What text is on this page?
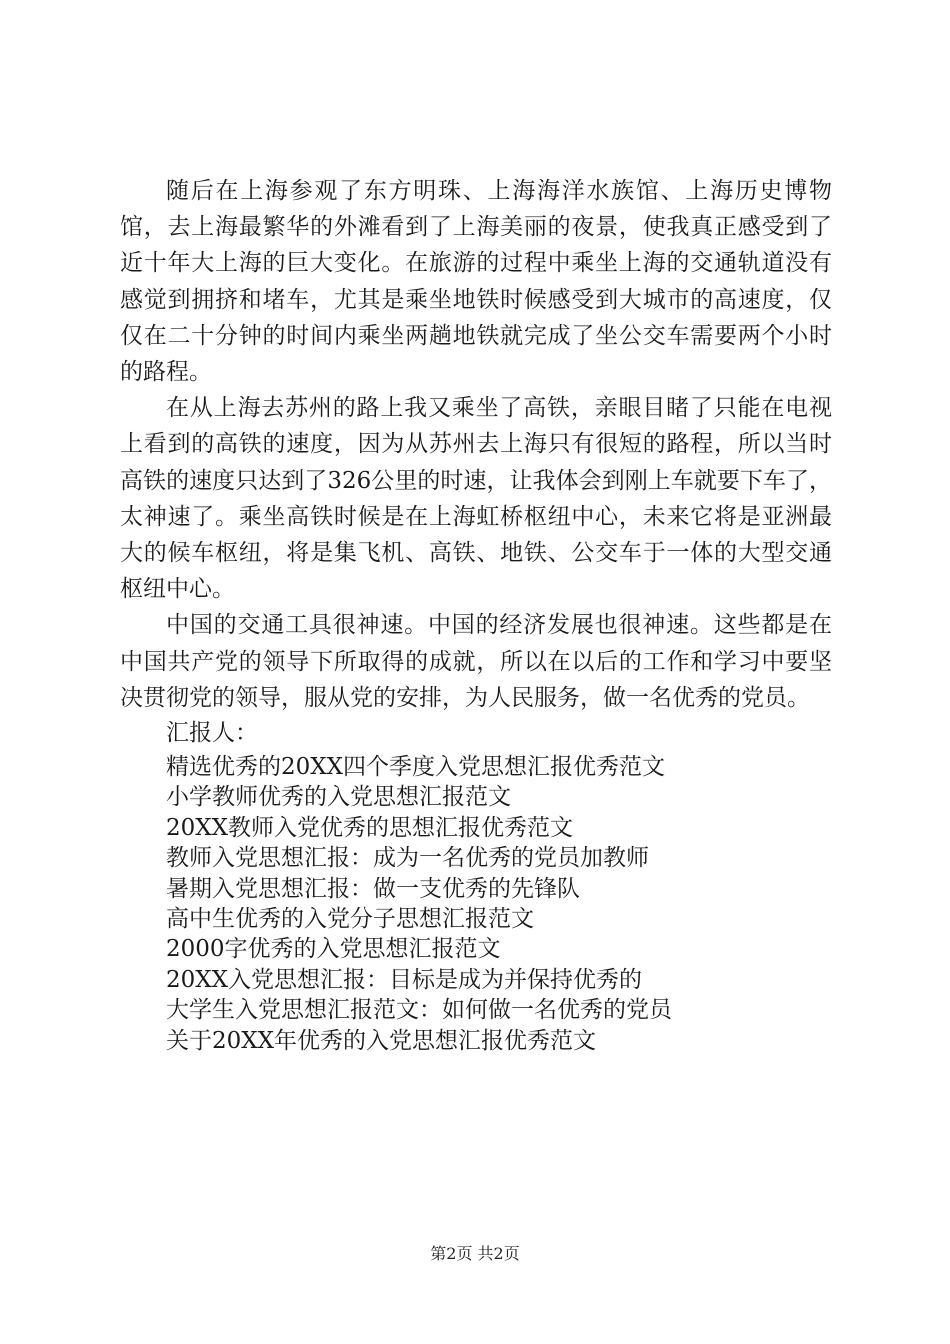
随后在上海参观了东方明珠、上海海洋水族馆、上海历史博物馆，去上海最繁华的外滩看到了上海美丽的夜景，使我真正感受到了近十年大上海的巨大变化。在旅游的过程中乘坐上海的交通轨道没有感觉到拥挤和堵车，尤其是乘坐地铁时候感受到大城市的高速度，仅仅在二十分钟的时间内乘坐两趟地铁就完成了坐公交车需要两个小时的路程。

在从上海去苏州的路上我又乘坐了高铁，亲眼目睹了只能在电视上看到的高铁的速度，因为从苏州去上海只有很短的路程，所以当时高铁的速度只达到了326公里的时速，让我体会到刚上车就要下车了，太神速了。乘坐高铁时候是在上海虹桥枢纽中心，未来它将是亚洲最大的候车枢纽，将是集飞机、高铁、地铁、公交车于一体的大型交通枢纽中心。

中国的交通工具很神速。中国的经济发展也很神速。这些都是在中国共产党的领导下所取得的成就，所以在以后的工作和学习中要坚决贯彻党的领导，服从党的安排，为人民服务，做一名优秀的党员。

汇报人：

精选优秀的20XX四个季度入党思想汇报优秀范文
小学教师优秀的入党思想汇报范文
20XX教师入党优秀的思想汇报优秀范文
教师入党思想汇报：成为一名优秀的党员加教师
暑期入党思想汇报：做一支优秀的先锋队
高中生优秀的入党分子思想汇报范文
2000字优秀的入党思想汇报范文
20XX入党思想汇报：目标是成为并保持优秀的
大学生入党思想汇报范文：如何做一名优秀的党员
关于20XX年优秀的入党思想汇报优秀范文
第2页 共2页
